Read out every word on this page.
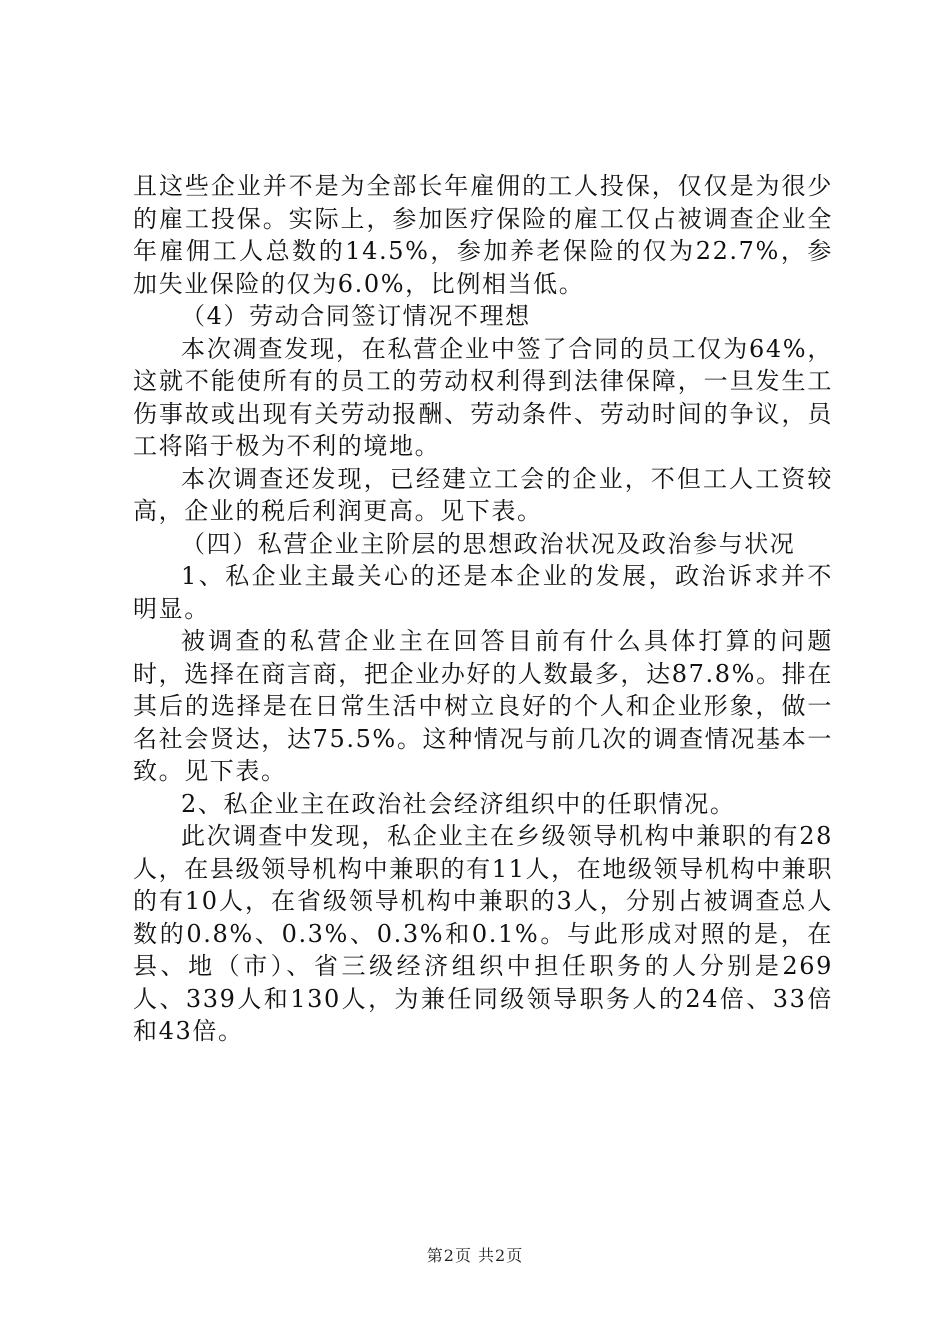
且这些企业并不是为全部长年雇佣的工人投保，仅仅是为很少的雇工投保。实际上，参加医疗保险的雇工仅占被调查企业全年雇佣工人总数的14.5%，参加养老保险的仅为22.7%，参加失业保险的仅为6.0%，比例相当低。

（4）劳动合同签订情况不理想

本次凋查发现，在私营企业中签了合同的员工仅为64%，这就不能使所有的员工的劳动权利得到法律保障，一旦发生工伤事故或出现有关劳动报酬、劳动条件、劳动时间的争议，员工将陷于极为不利的境地。

本次调查还发现，已经建立工会的企业，不但工人工资较高，企业的税后利润更高。见下表。

（四）私营企业主阶层的思想政治状况及政治参与状况

1、私企业主最关心的还是本企业的发展，政治诉求并不明显。

被调查的私营企业主在回答目前有什么具体打算的问题时，选择在商言商，把企业办好的人数最多，达87.8%。排在其后的选择是在日常生活中树立良好的个人和企业形象，做一名社会贤达，达75.5%。这种情况与前几次的调查情况基本一致。见下表。

2、私企业主在政治社会经济组织中的任职情况。

此次调查中发现，私企业主在乡级领导机构中兼职的有28人，在县级领导机构中兼职的有11人，在地级领导机构中兼职的有10人，在省级领导机构中兼职的3人，分别占被调查总人数的0.8%、0.3%、0.3%和0.1%。与此形成对照的是，在县、地（市）、省三级经济组织中担任职务的人分别是269人、339人和130人，为兼任同级领导职务人的24倍、33倍和43倍。

第2页 共2页
